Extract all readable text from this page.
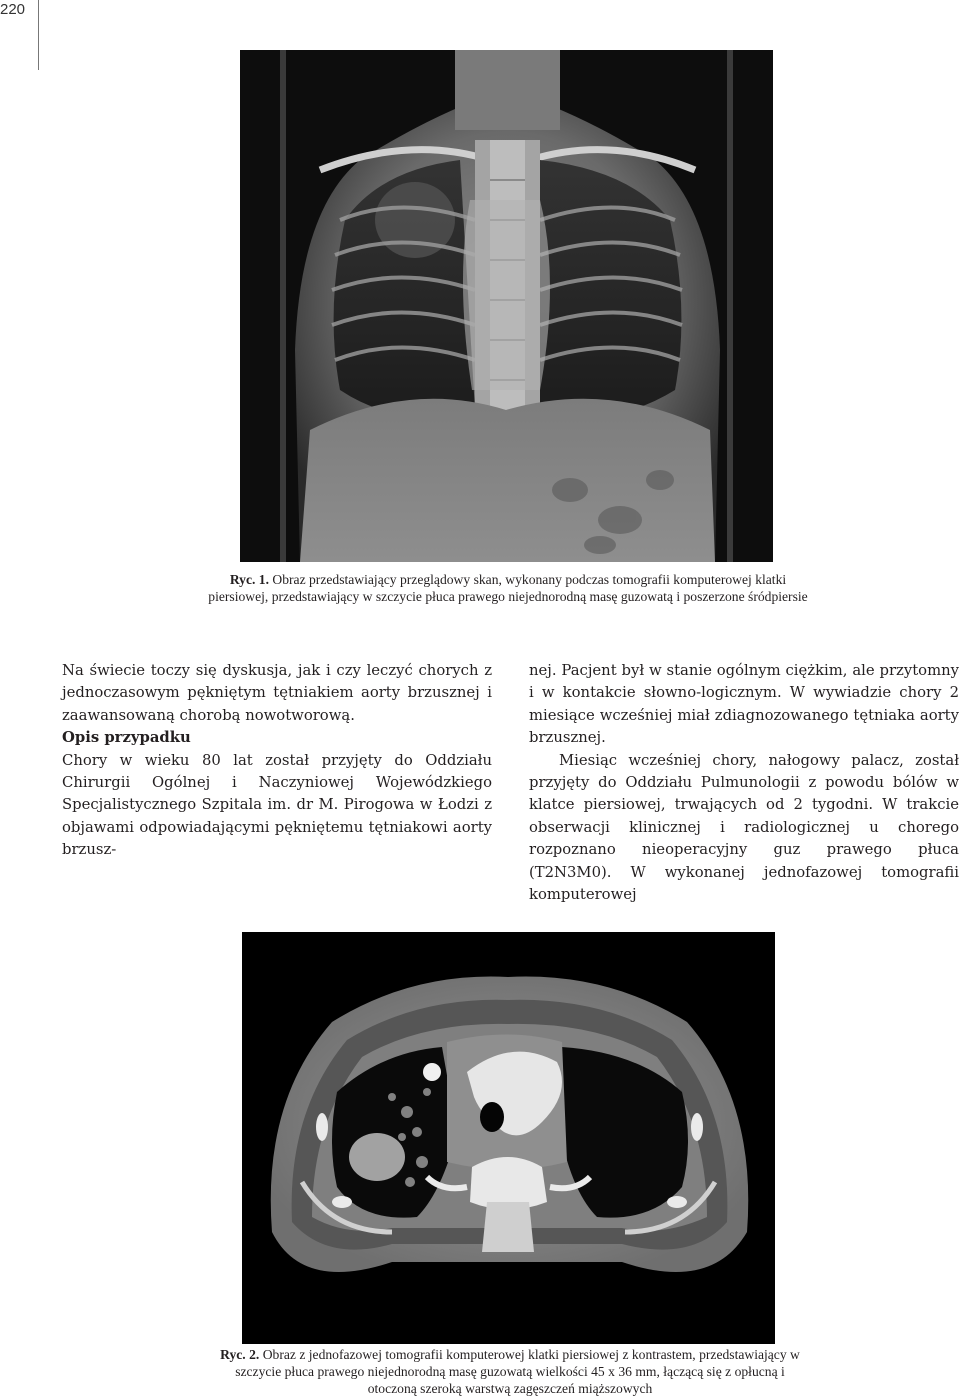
220
Ryc. 1. Obraz przedstawiający przeglądowy skan, wykonany podczas tomografii komputerowej klatki piersiowej, przedstawiający w szczycie płuca prawego niejednorodną masę guzowatą i poszerzone śródpiersie

Na świecie toczy się dyskusja, jak i czy leczyć chorych z jednoczasowym pękniętym tętniakiem aorty brzusznej i zaawansowaną chorobą nowotworową.

Opis przypadku

Chory w wieku 80 lat został przyjęty do Oddziału Chirurgii Ogólnej i Naczyniowej Wojewódzkiego Specjalistycznego Szpitala im. dr M. Pirogowa w Łodzi z objawami odpowiadającymi pękniętemu tętniakowi aorty brzusz-

nej. Pacjent był w stanie ogólnym ciężkim, ale przytomny i w kontakcie słowno-logicznym. W wywiadzie chory 2 miesiące wcześniej miał zdiagnozowanego tętniaka aorty brzusznej.

Miesiąc wcześniej chory, nałogowy palacz, został przyjęty do Oddziału Pulmunologii z powodu bólów w klatce piersiowej, trwających od 2 tygodni. W trakcie obserwacji klinicznej i radiologicznej u chorego rozpoznano nieoperacyjny guz prawego płuca (T2N3M0). W wykonanej jednofazowej tomografii komputerowej

Ryc. 2. Obraz z jednofazowej tomografii komputerowej klatki piersiowej z kontrastem, przedstawiający w szczycie płuca prawego niejednorodną masę guzowatą wielkości 45 x 36 mm, łączącą się z opłucną i otoczoną szeroką warstwą zagęszczeń miąższowych
